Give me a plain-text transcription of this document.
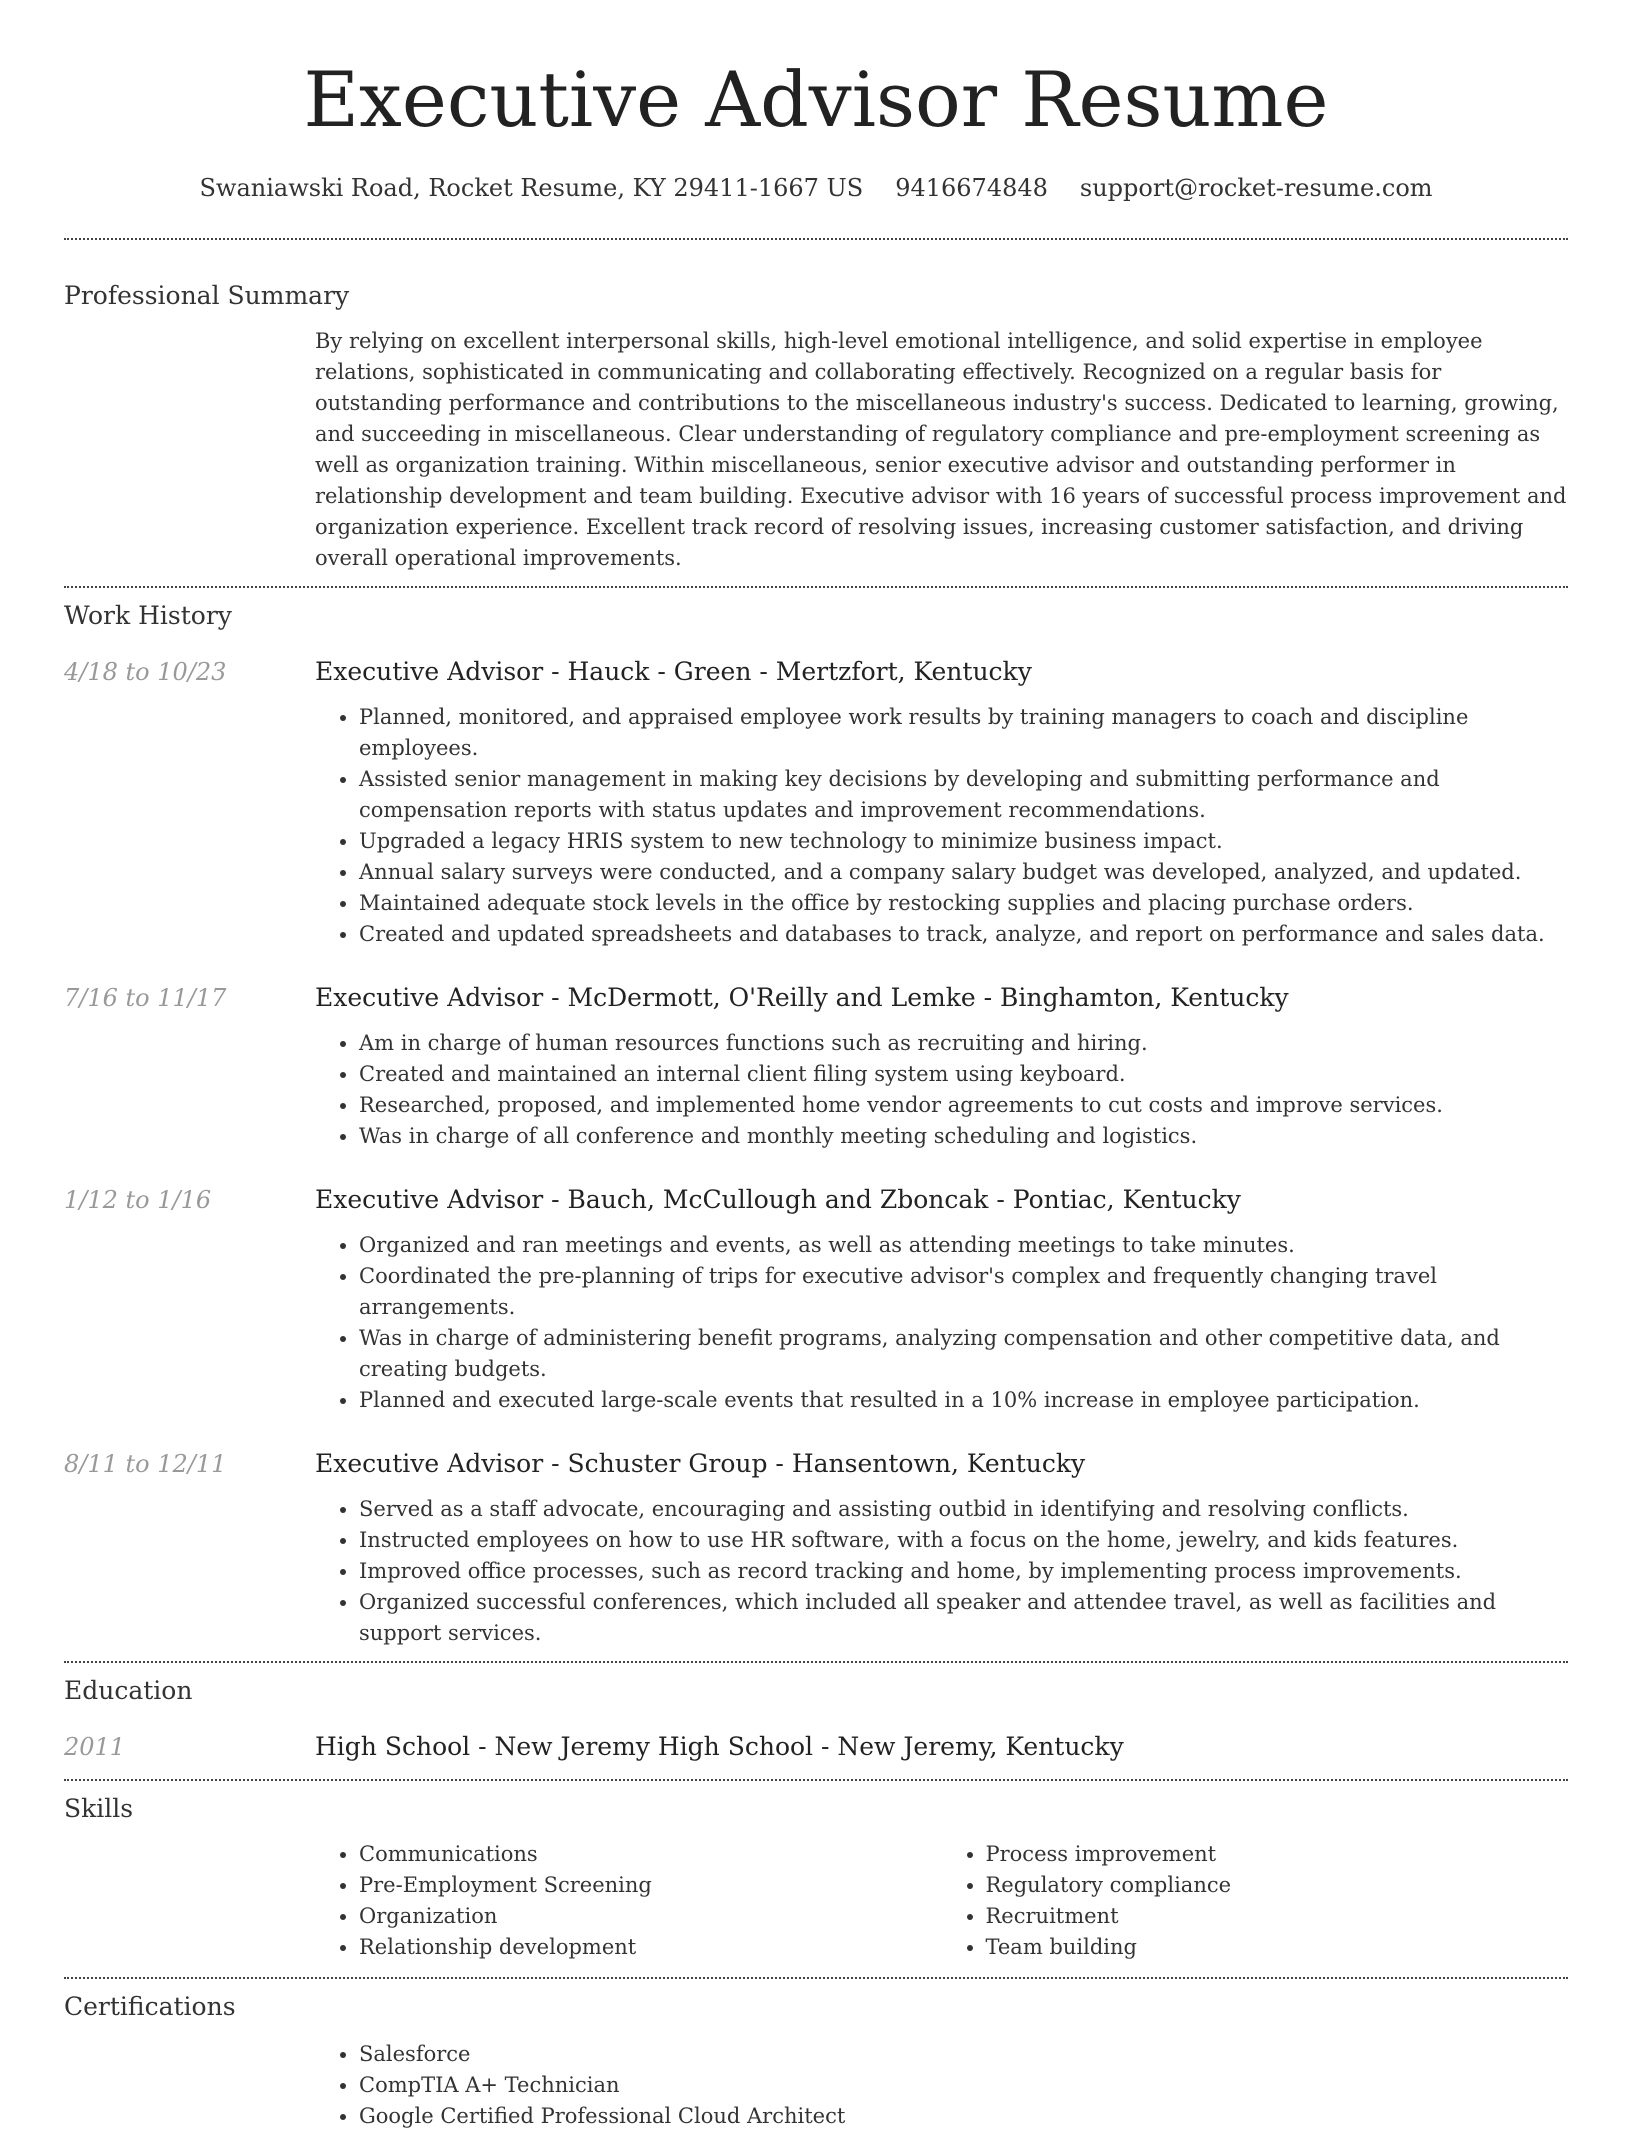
Executive Advisor Resume
Swaniawski Road, Rocket Resume, KY 29411-1667 US 9416674848 support@rocket-resume.com
Professional Summary

By relying on excellent interpersonal skills, high-level emotional intelligence, and solid expertise in employee relations, sophisticated in communicating and collaborating effectively. Recognized on a regular basis for outstanding performance and contributions to the miscellaneous industry's success. Dedicated to learning, growing, and succeeding in miscellaneous. Clear understanding of regulatory compliance and pre-employment screening as well as organization training. Within miscellaneous, senior executive advisor and outstanding performer in relationship development and team building. Executive advisor with 16 years of successful process improvement and organization experience. Excellent track record of resolving issues, increasing customer satisfaction, and driving overall operational improvements.

Work History
4/18 to 10/23	Executive Advisor - Hauck - Green - Mertzfort, Kentucky
• Planned, monitored, and appraised employee work results by training managers to coach and discipline employees.
• Assisted senior management in making key decisions by developing and submitting performance and compensation reports with status updates and improvement recommendations.
• Upgraded a legacy HRIS system to new technology to minimize business impact.
• Annual salary surveys were conducted, and a company salary budget was developed, analyzed, and updated.
• Maintained adequate stock levels in the office by restocking supplies and placing purchase orders.
• Created and updated spreadsheets and databases to track, analyze, and report on performance and sales data.
7/16 to 11/17	Executive Advisor - McDermott, O'Reilly and Lemke - Binghamton, Kentucky
• Am in charge of human resources functions such as recruiting and hiring.
• Created and maintained an internal client filing system using keyboard.
• Researched, proposed, and implemented home vendor agreements to cut costs and improve services.
• Was in charge of all conference and monthly meeting scheduling and logistics.
1/12 to 1/16	Executive Advisor - Bauch, McCullough and Zboncak - Pontiac, Kentucky
• Organized and ran meetings and events, as well as attending meetings to take minutes.
• Coordinated the pre-planning of trips for executive advisor's complex and frequently changing travel arrangements.
• Was in charge of administering benefit programs, analyzing compensation and other competitive data, and creating budgets.
• Planned and executed large-scale events that resulted in a 10% increase in employee participation.
8/11 to 12/11	Executive Advisor - Schuster Group - Hansentown, Kentucky
• Served as a staff advocate, encouraging and assisting outbid in identifying and resolving conflicts.
• Instructed employees on how to use HR software, with a focus on the home, jewelry, and kids features.
• Improved office processes, such as record tracking and home, by implementing process improvements.
• Organized successful conferences, which included all speaker and attendee travel, as well as facilities and support services.
Education
2011	High School - New Jeremy High School - New Jeremy, Kentucky
Skills
• Communications
• Pre-Employment Screening
• Organization
• Relationship development
• Process improvement
• Regulatory compliance
• Recruitment
• Team building
Certifications
• Salesforce
• CompTIA A+ Technician
• Google Certified Professional Cloud Architect
